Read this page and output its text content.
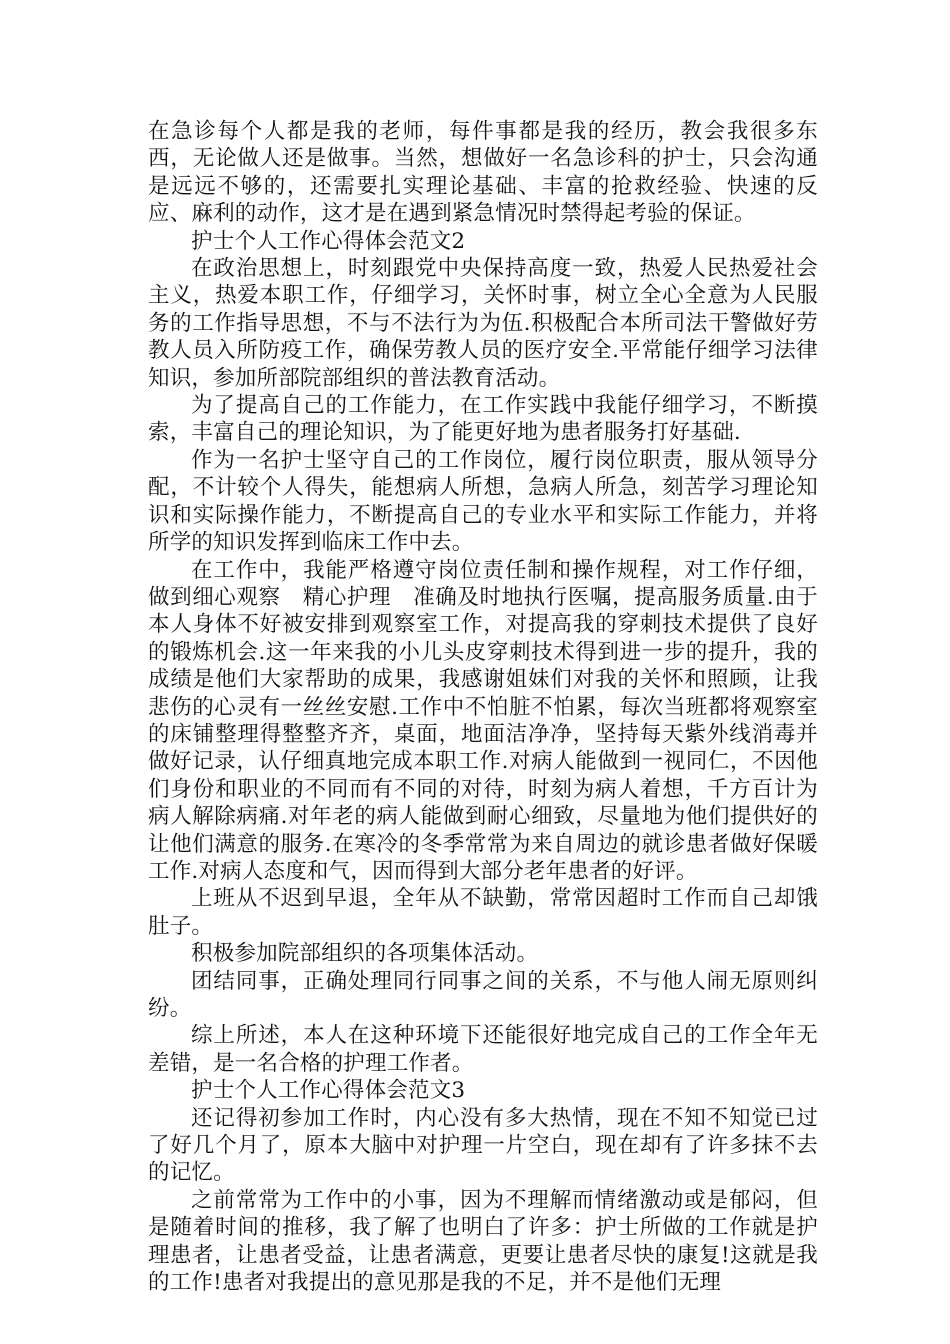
在急诊每个人都是我的老师，每件事都是我的经历，教会我很多东西，无论做人还是做事。当然，想做好一名急诊科的护士，只会沟通是远远不够的，还需要扎实理论基础、丰富的抢救经验、快速的反应、麻利的动作，这才是在遇到紧急情况时禁得起考验的保证。

护士个人工作心得体会范文2

在政治思想上，时刻跟党中央保持高度一致，热爱人民热爱社会主义，热爱本职工作，仔细学习，关怀时事，树立全心全意为人民服务的工作指导思想，不与不法行为为伍.积极配合本所司法干警做好劳教人员入所防疫工作，确保劳教人员的医疗安全.平常能仔细学习法律知识，参加所部院部组织的普法教育活动。

为了提高自己的工作能力，在工作实践中我能仔细学习，不断摸索，丰富自己的理论知识，为了能更好地为患者服务打好基础.

作为一名护士坚守自己的工作岗位，履行岗位职责，服从领导分配，不计较个人得失，能想病人所想，急病人所急，刻苦学习理论知识和实际操作能力，不断提高自己的专业水平和实际工作能力，并将所学的知识发挥到临床工作中去。

在工作中，我能严格遵守岗位责任制和操作规程，对工作仔细，做到细心观察　精心护理　准确及时地执行医嘱，提高服务质量.由于本人身体不好被安排到观察室工作，对提高我的穿刺技术提供了良好的锻炼机会.这一年来我的小儿头皮穿刺技术得到进一步的提升，我的成绩是他们大家帮助的成果，我感谢姐妹们对我的关怀和照顾，让我悲伤的心灵有一丝丝安慰.工作中不怕脏不怕累，每次当班都将观察室的床铺整理得整整齐齐，桌面，地面洁净净，坚持每天紫外线消毒并做好记录，认仔细真地完成本职工作.对病人能做到一视同仁，不因他们身份和职业的不同而有不同的对待，时刻为病人着想，千方百计为病人解除病痛.对年老的病人能做到耐心细致，尽量地为他们提供好的让他们满意的服务.在寒冷的冬季常常为来自周边的就诊患者做好保暖工作.对病人态度和气，因而得到大部分老年患者的好评。

上班从不迟到早退，全年从不缺勤，常常因超时工作而自己却饿肚子。

积极参加院部组织的各项集体活动。

团结同事，正确处理同行同事之间的关系，不与他人闹无原则纠纷。

综上所述，本人在这种环境下还能很好地完成自己的工作全年无差错，是一名合格的护理工作者。

护士个人工作心得体会范文3

还记得初参加工作时，内心没有多大热情，现在不知不知觉已过了好几个月了，原本大脑中对护理一片空白，现在却有了许多抹不去的记忆。

之前常常为工作中的小事，因为不理解而情绪激动或是郁闷，但是随着时间的推移，我了解了也明白了许多：护士所做的工作就是护理患者，让患者受益，让患者满意，更要让患者尽快的康复!这就是我的工作!患者对我提出的意见那是我的不足，并不是他们无理
